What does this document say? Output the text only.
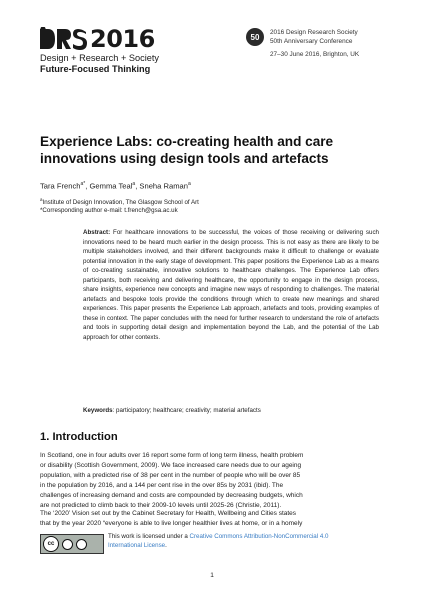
2016
Design + Research + Society
Future-Focused Thinking
50	2016 Design Research Society
50th Anniversary Conference
27–30 June 2016, Brighton, UK
Experience Labs: co-creating health and care innovations using design tools and artefacts
Tara French$^{a*}$, Gemma Teal$^a$, Sneha Raman$^a$
$^a$Institute of Design Innovation, The Glasgow School of Art
*Corresponding author e-mail: t.french@gsa.ac.uk
Abstract: For healthcare innovations to be successful, the voices of those receiving or delivering such innovations need to be heard much earlier in the design process. This is not easy as there are likely to be multiple stakeholders involved, and their different backgrounds make it difficult to challenge or evaluate potential innovation in the early stage of development. This paper positions the Experience Lab as a means of co-creating sustainable, innovative solutions to healthcare challenges. The Experience Lab offers participants, both receiving and delivering healthcare, the opportunity to engage in the design process, share insights, experience new concepts and imagine new ways of responding to challenges. The material artefacts and bespoke tools provide the conditions through which to create new meanings and shared experiences. This paper presents the Experience Lab approach, artefacts and tools, providing examples of these in context. The paper concludes with the need for further research to understand the role of artefacts and tools in supporting detail design and implementation beyond the Lab, and the potential of the Lab approach for other contexts.
Keywords: participatory; healthcare; creativity; material artefacts
1. Introduction
In Scotland, one in four adults over 16 report some form of long term illness, health problem
or disability (Scottish Government, 2009). We face increased care needs due to our ageing
population, with a predicted rise of 38 per cent in the number of people who will be over 85
in the population by 2016, and a 144 per cent rise in the over 85s by 2031 (ibid). The
challenges of increasing demand and costs are compounded by decreasing budgets, which
are not predicted to climb back to their 2009-10 levels until 2025-26 (Christie, 2011).
The ‘2020’ Vision set out by the Cabinet Secretary for Health, Wellbeing and Cities states
that by the year 2020 “everyone is able to live longer healthier lives at home, or in a homely
cc
This work is licensed under a Creative Commons Attribution-NonCommercial 4.0
International License.
1
